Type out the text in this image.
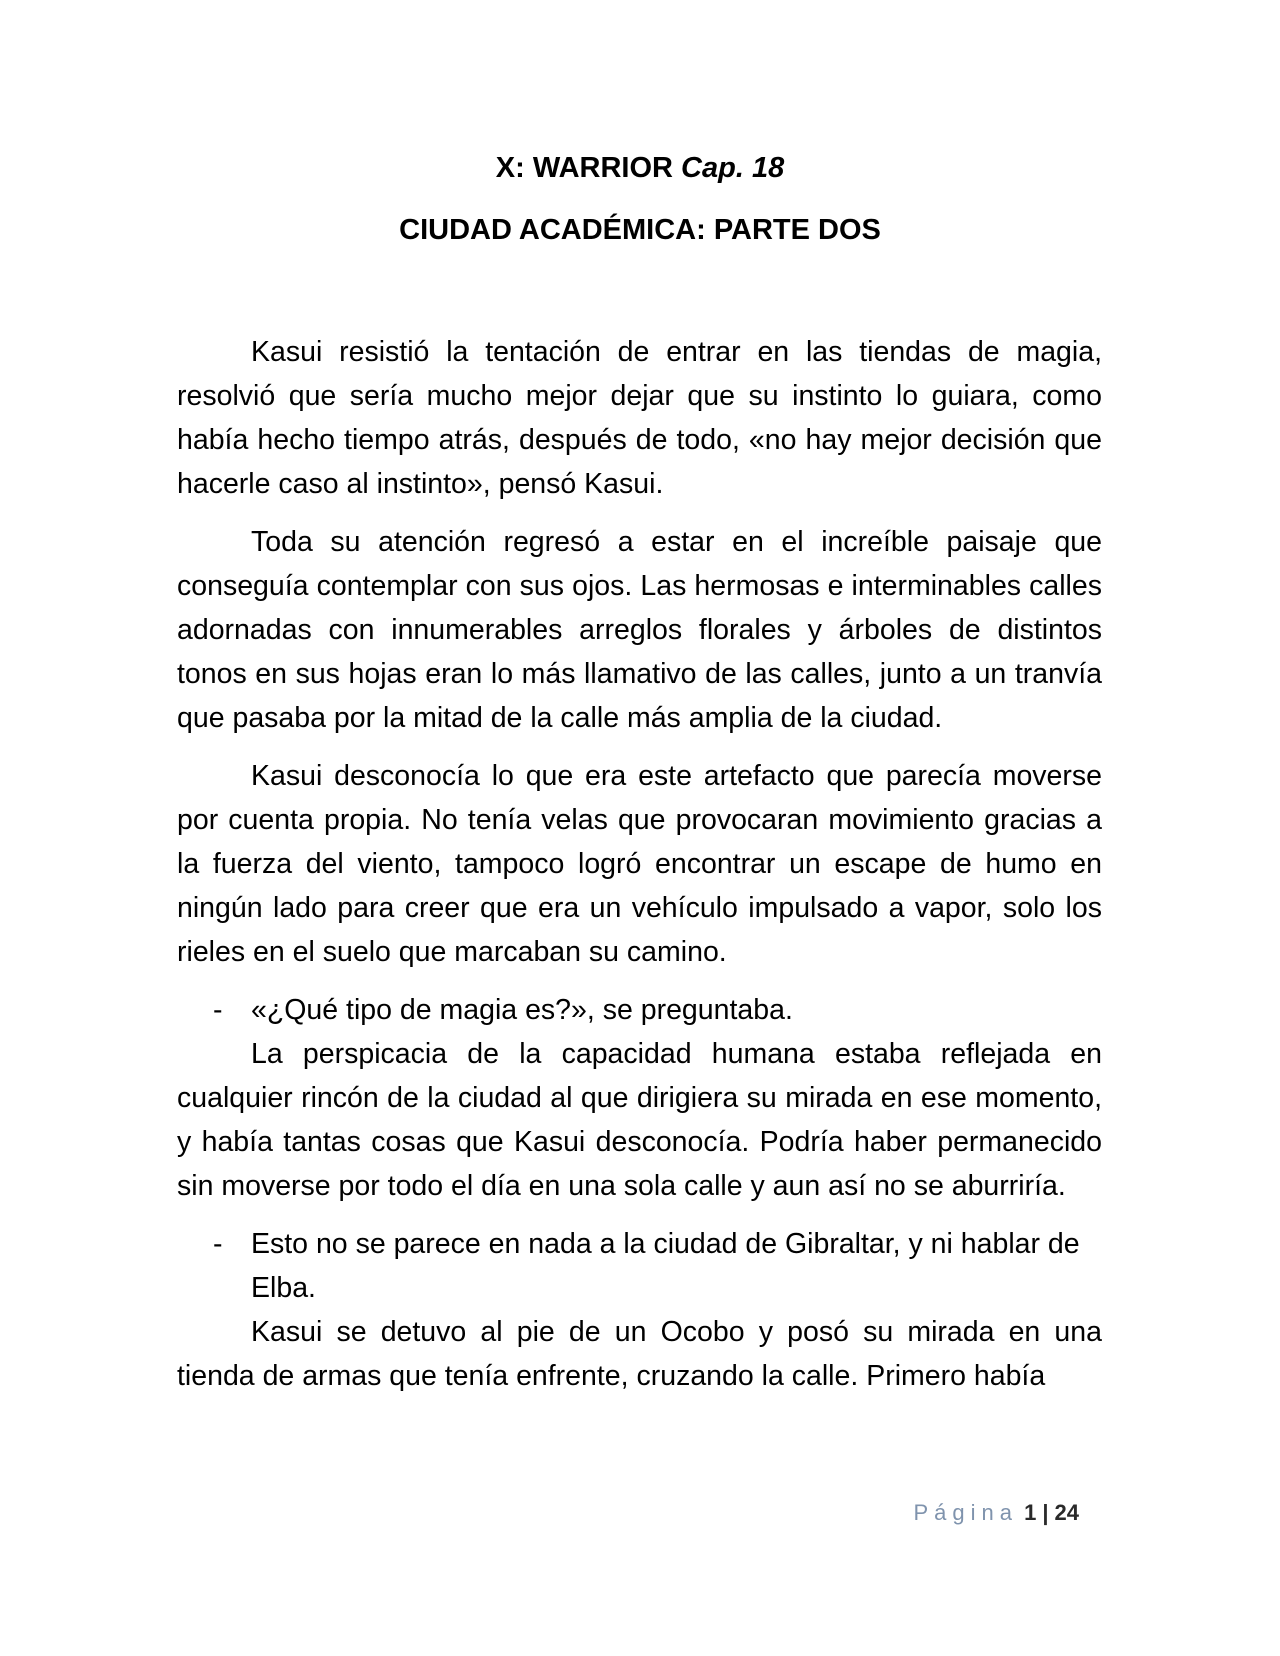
X: WARRIOR Cap. 18
CIUDAD ACADÉMICA: PARTE DOS

Kasui resistió la tentación de entrar en las tiendas de magia, resolvió que sería mucho mejor dejar que su instinto lo guiara, como había hecho tiempo atrás, después de todo, «no hay mejor decisión que hacerle caso al instinto», pensó Kasui.

Toda su atención regresó a estar en el increíble paisaje que conseguía contemplar con sus ojos. Las hermosas e interminables calles adornadas con innumerables arreglos florales y árboles de distintos tonos en sus hojas eran lo más llamativo de las calles, junto a un tranvía que pasaba por la mitad de la calle más amplia de la ciudad.

Kasui desconocía lo que era este artefacto que parecía moverse por cuenta propia. No tenía velas que provocaran movimiento gracias a la fuerza del viento, tampoco logró encontrar un escape de humo en ningún lado para creer que era un vehículo impulsado a vapor, solo los rieles en el suelo que marcaban su camino.

-	«¿Qué tipo de magia es?», se preguntaba.

La perspicacia de la capacidad humana estaba reflejada en cualquier rincón de la ciudad al que dirigiera su mirada en ese momento, y había tantas cosas que Kasui desconocía. Podría haber permanecido sin moverse por todo el día en una sola calle y aun así no se aburriría.

-	Esto no se parece en nada a la ciudad de Gibraltar, y ni hablar de Elba.

Kasui se detuvo al pie de un Ocobo y posó su mirada en una tienda de armas que tenía enfrente, cruzando la calle. Primero había

Página 1 | 24
